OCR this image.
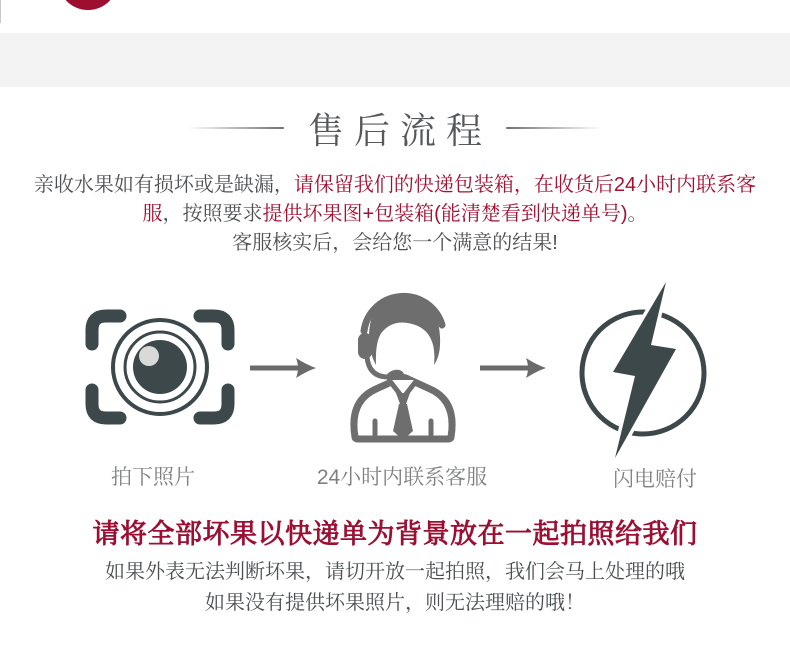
售后流程
亲收水果如有损坏或是缺漏，请保留我们的快递包装箱，在收货后24小时内联系客
服，按照要求提供坏果图+包装箱(能清楚看到快递单号)。
客服核实后，会给您一个满意的结果!
拍下照片	24小时内联系客服	闪电赔付
请将全部坏果以快递单为背景放在一起拍照给我们
如果外表无法判断坏果，请切开放一起拍照，我们会马上处理的哦
如果没有提供坏果照片，则无法理赔的哦！
